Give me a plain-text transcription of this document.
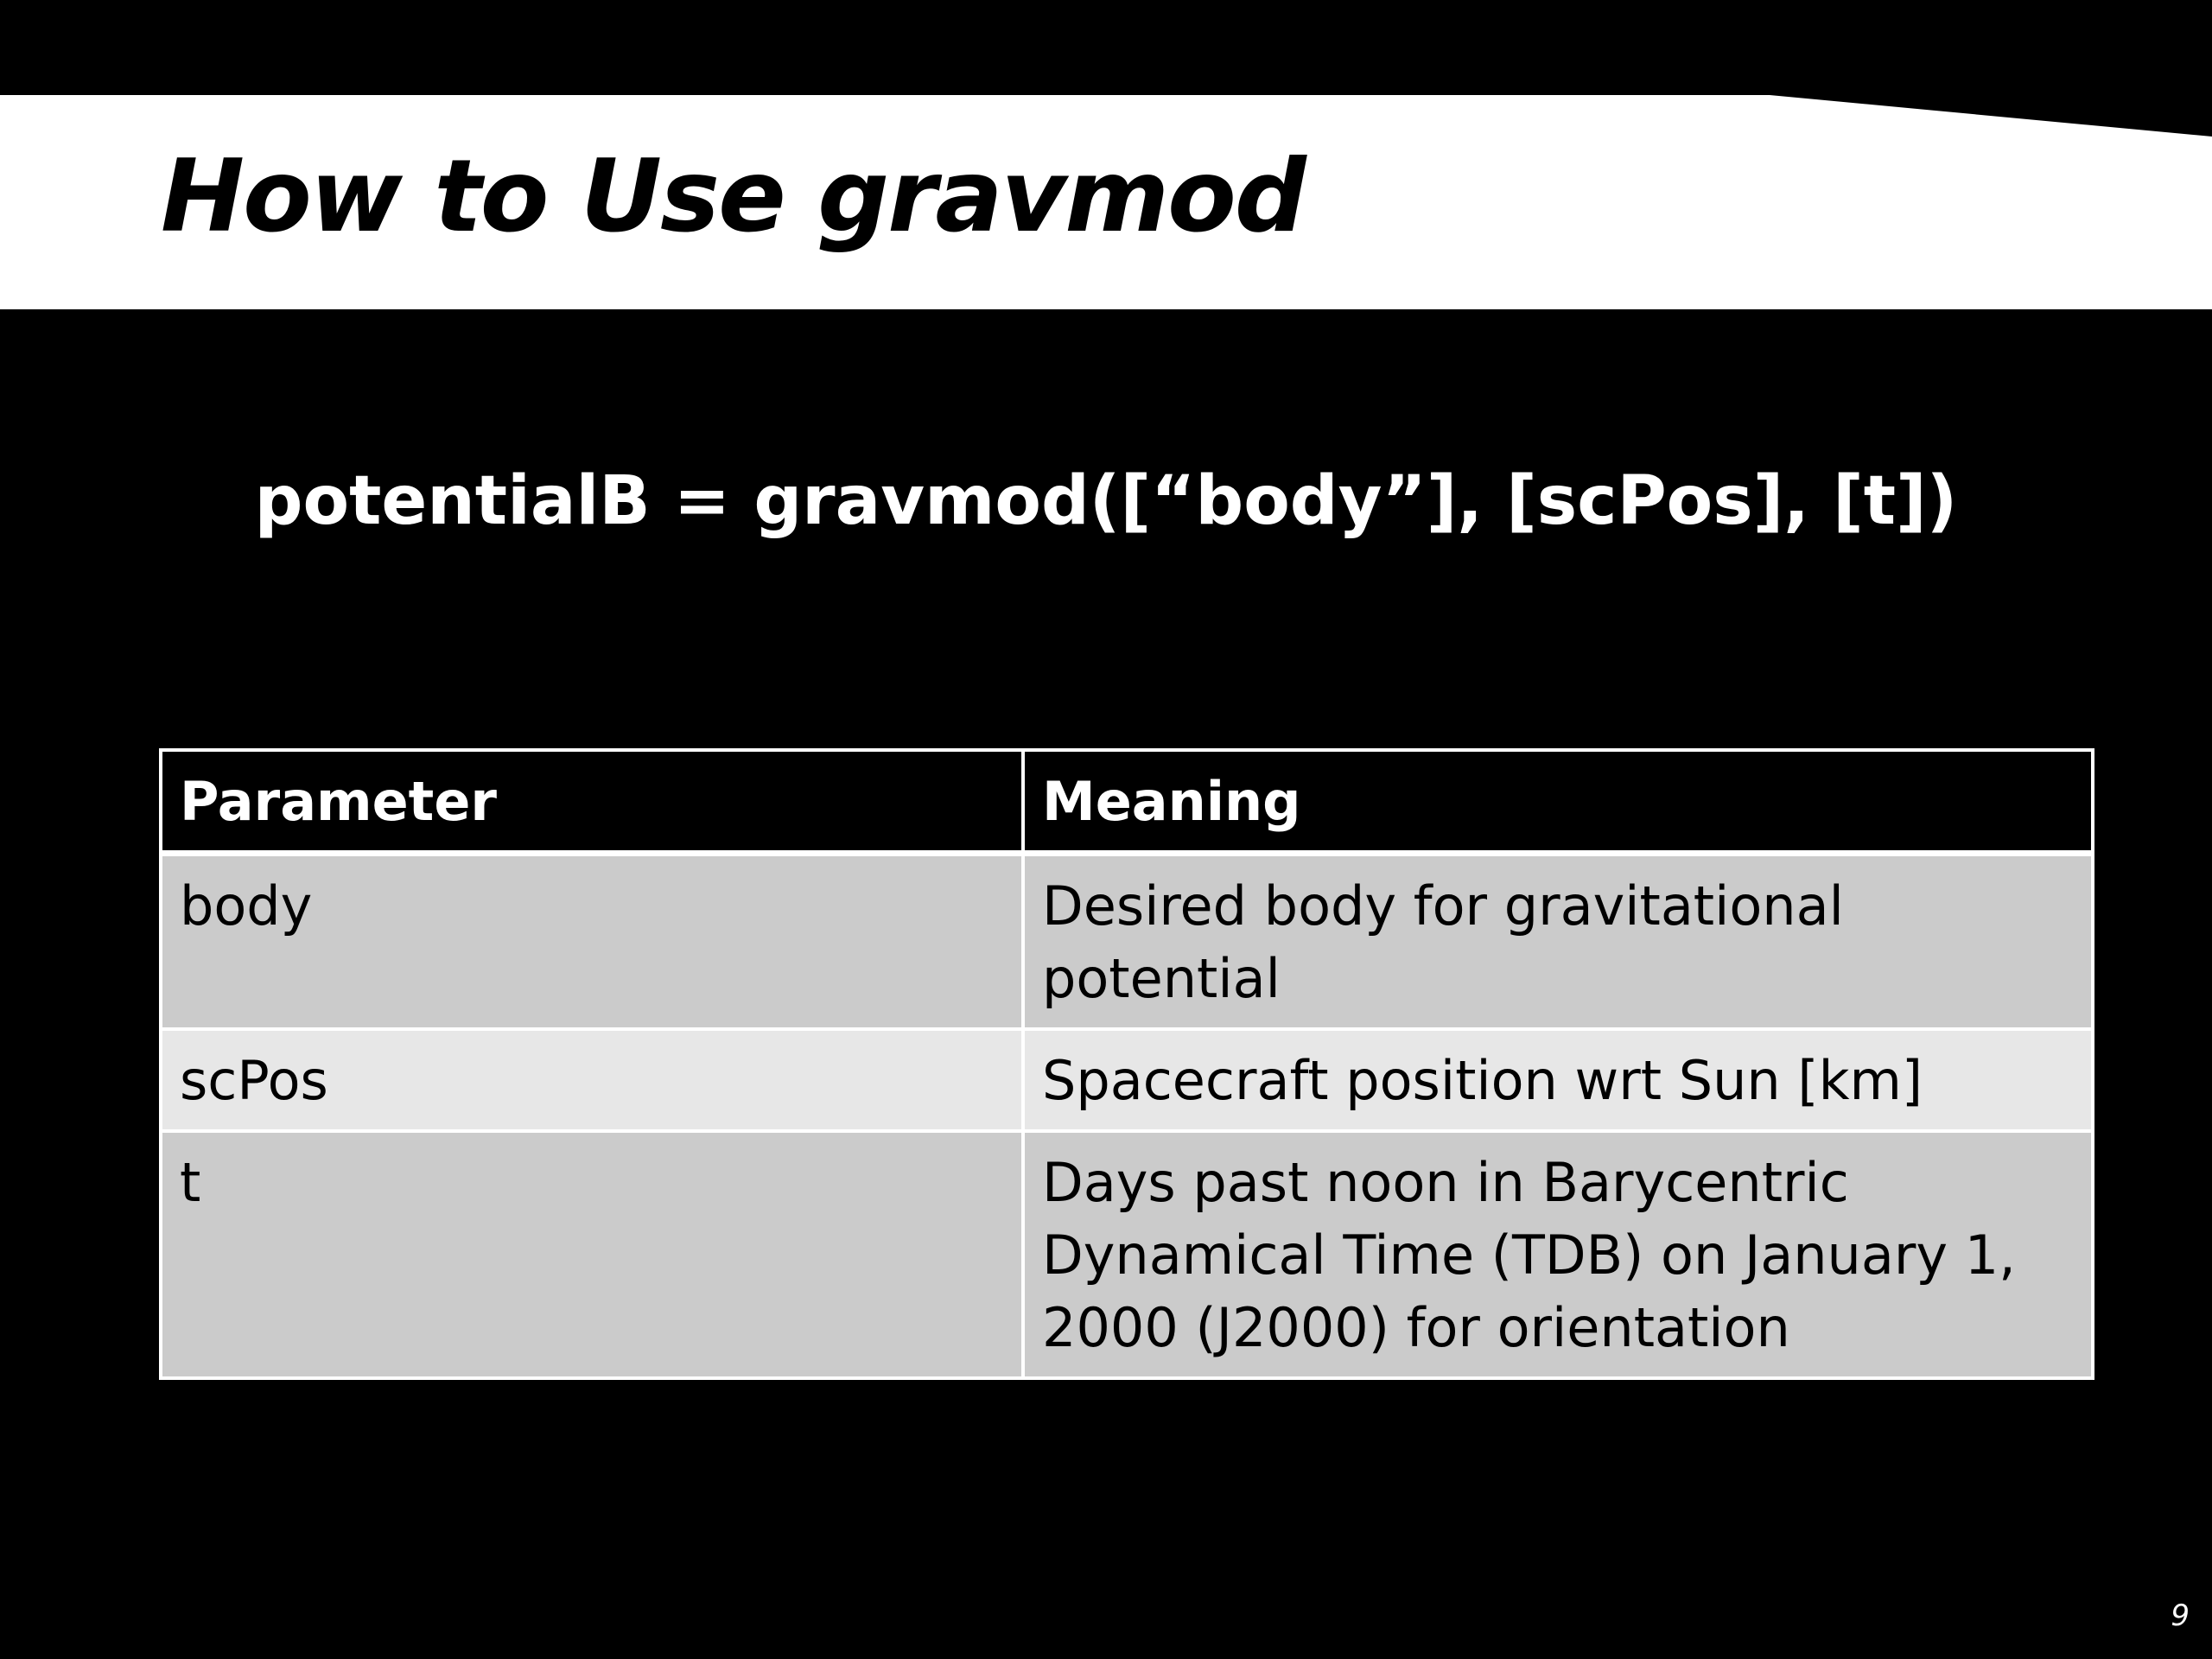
How to Use gravmod
potentialB = gravmod([“body”], [scPos], [t])
Parameter	Meaning
body	Desired body for gravitational potential
scPos	Spacecraft position wrt Sun [km]
t	Days past noon in Barycentric Dynamical Time (TDB) on January 1, 2000 (J2000) for orientation
9
